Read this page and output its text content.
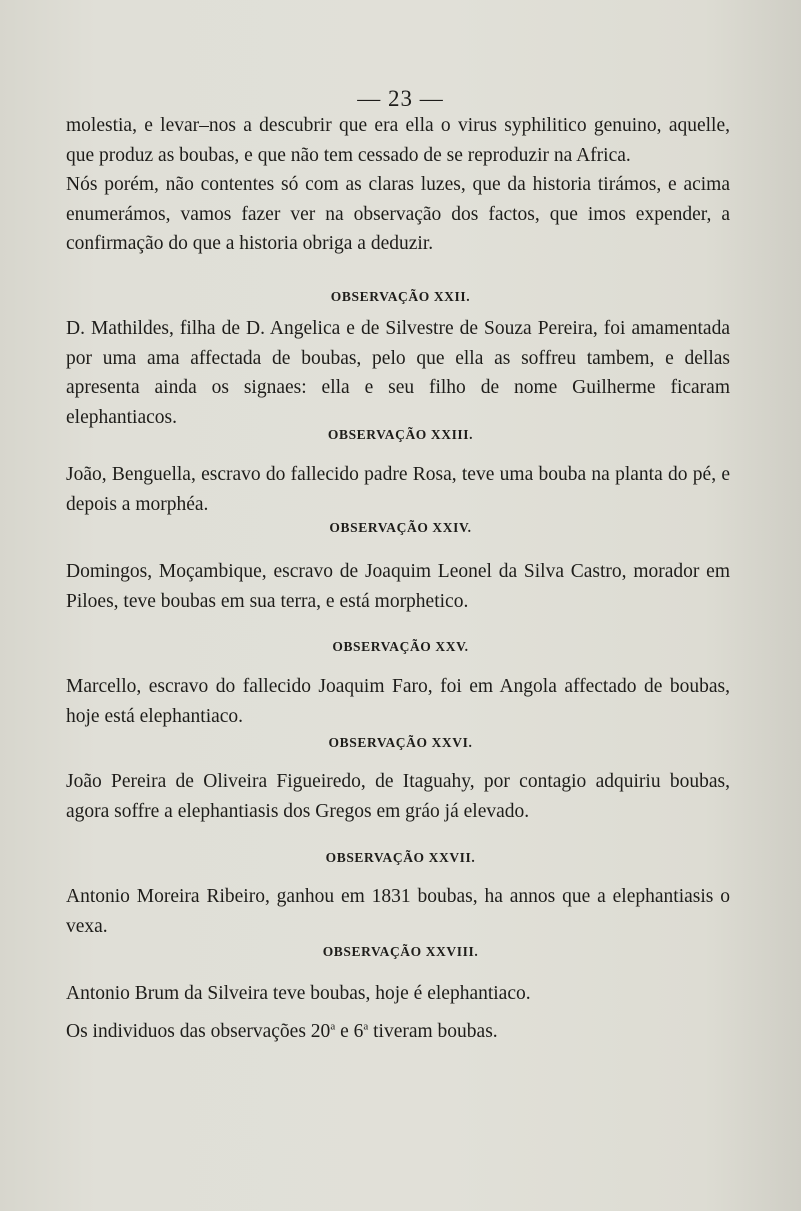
— 23 —

molestia, e levar–nos a descubrir que era ella o virus syphilitico genuino, aquelle, que produz as boubas, e que não tem cessado de se reproduzir na Africa.

Nós porém, não contentes só com as claras luzes, que da historia tirámos, e acima enumerámos, vamos fazer ver na observação dos factos, que imos expender, a confirmação do que a historia obriga a deduzir.

OBSERVAÇÃO XXII.

D. Mathildes, filha de D. Angelica e de Silvestre de Souza Pereira, foi amamentada por uma ama affectada de boubas, pelo que ella as soffreu tambem, e dellas apresenta ainda os signaes: ella e seu filho de nome Guilherme ficaram elephantiacos.

OBSERVAÇÃO XXIII.

João, Benguella, escravo do fallecido padre Rosa, teve uma bouba na planta do pé, e depois a morphéa.

OBSERVAÇÃO XXIV.

Domingos, Moçambique, escravo de Joaquim Leonel da Silva Castro, morador em Piloes, teve boubas em sua terra, e está morphetico.

OBSERVAÇÃO XXV.

Marcello, escravo do fallecido Joaquim Faro, foi em Angola affectado de boubas, hoje está elephantiaco.

OBSERVAÇÃO XXVI.

João Pereira de Oliveira Figueiredo, de Itaguahy, por contagio adquiriu boubas, agora soffre a elephantiasis dos Gregos em gráo já elevado.

OBSERVAÇÃO XXVII.

Antonio Moreira Ribeiro, ganhou em 1831 boubas, ha annos que a elephantiasis o vexa.

OBSERVAÇÃO XXVIII.

Antonio Brum da Silveira teve boubas, hoje é elephantiaco.

Os individuos das observações 20$^a$ e 6$^a$ tiveram boubas.
